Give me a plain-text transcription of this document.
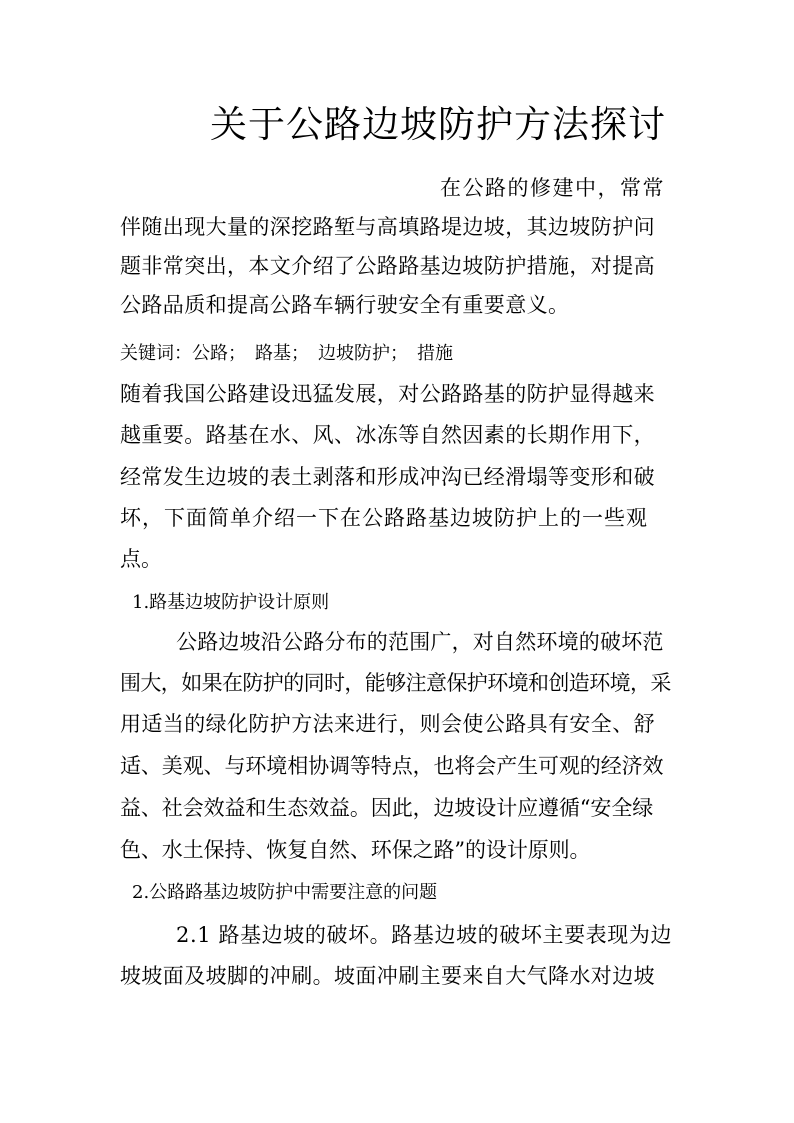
关于公路边坡防护方法探讨
在公路的修建中，常常
伴随出现大量的深挖路堑与高填路堤边坡，其边坡防护问
题非常突出，本文介绍了公路路基边坡防护措施，对提高
公路品质和提高公路车辆行驶安全有重要意义。
关键词：公路；　路基；　边坡防护；　措施
随着我国公路建设迅猛发展，对公路路基的防护显得越来
越重要。路基在水、风、冰冻等自然因素的长期作用下，
经常发生边坡的表土剥落和形成冲沟已经滑塌等变形和破
坏，下面简单介绍一下在公路路基边坡防护上的一些观
点。
1.路基边坡防护设计原则
公路边坡沿公路分布的范围广，对自然环境的破坏范
围大，如果在防护的同时，能够注意保护环境和创造环境，采
用适当的绿化防护方法来进行，则会使公路具有安全、舒
适、美观、与环境相协调等特点，也将会产生可观的经济效
益、社会效益和生态效益。因此，边坡设计应遵循“安全绿
色、水土保持、恢复自然、环保之路”的设计原则。
2.公路路基边坡防护中需要注意的问题
2.1 路基边坡的破坏。路基边坡的破坏主要表现为边
坡坡面及坡脚的冲刷。坡面冲刷主要来自大气降水对边坡
